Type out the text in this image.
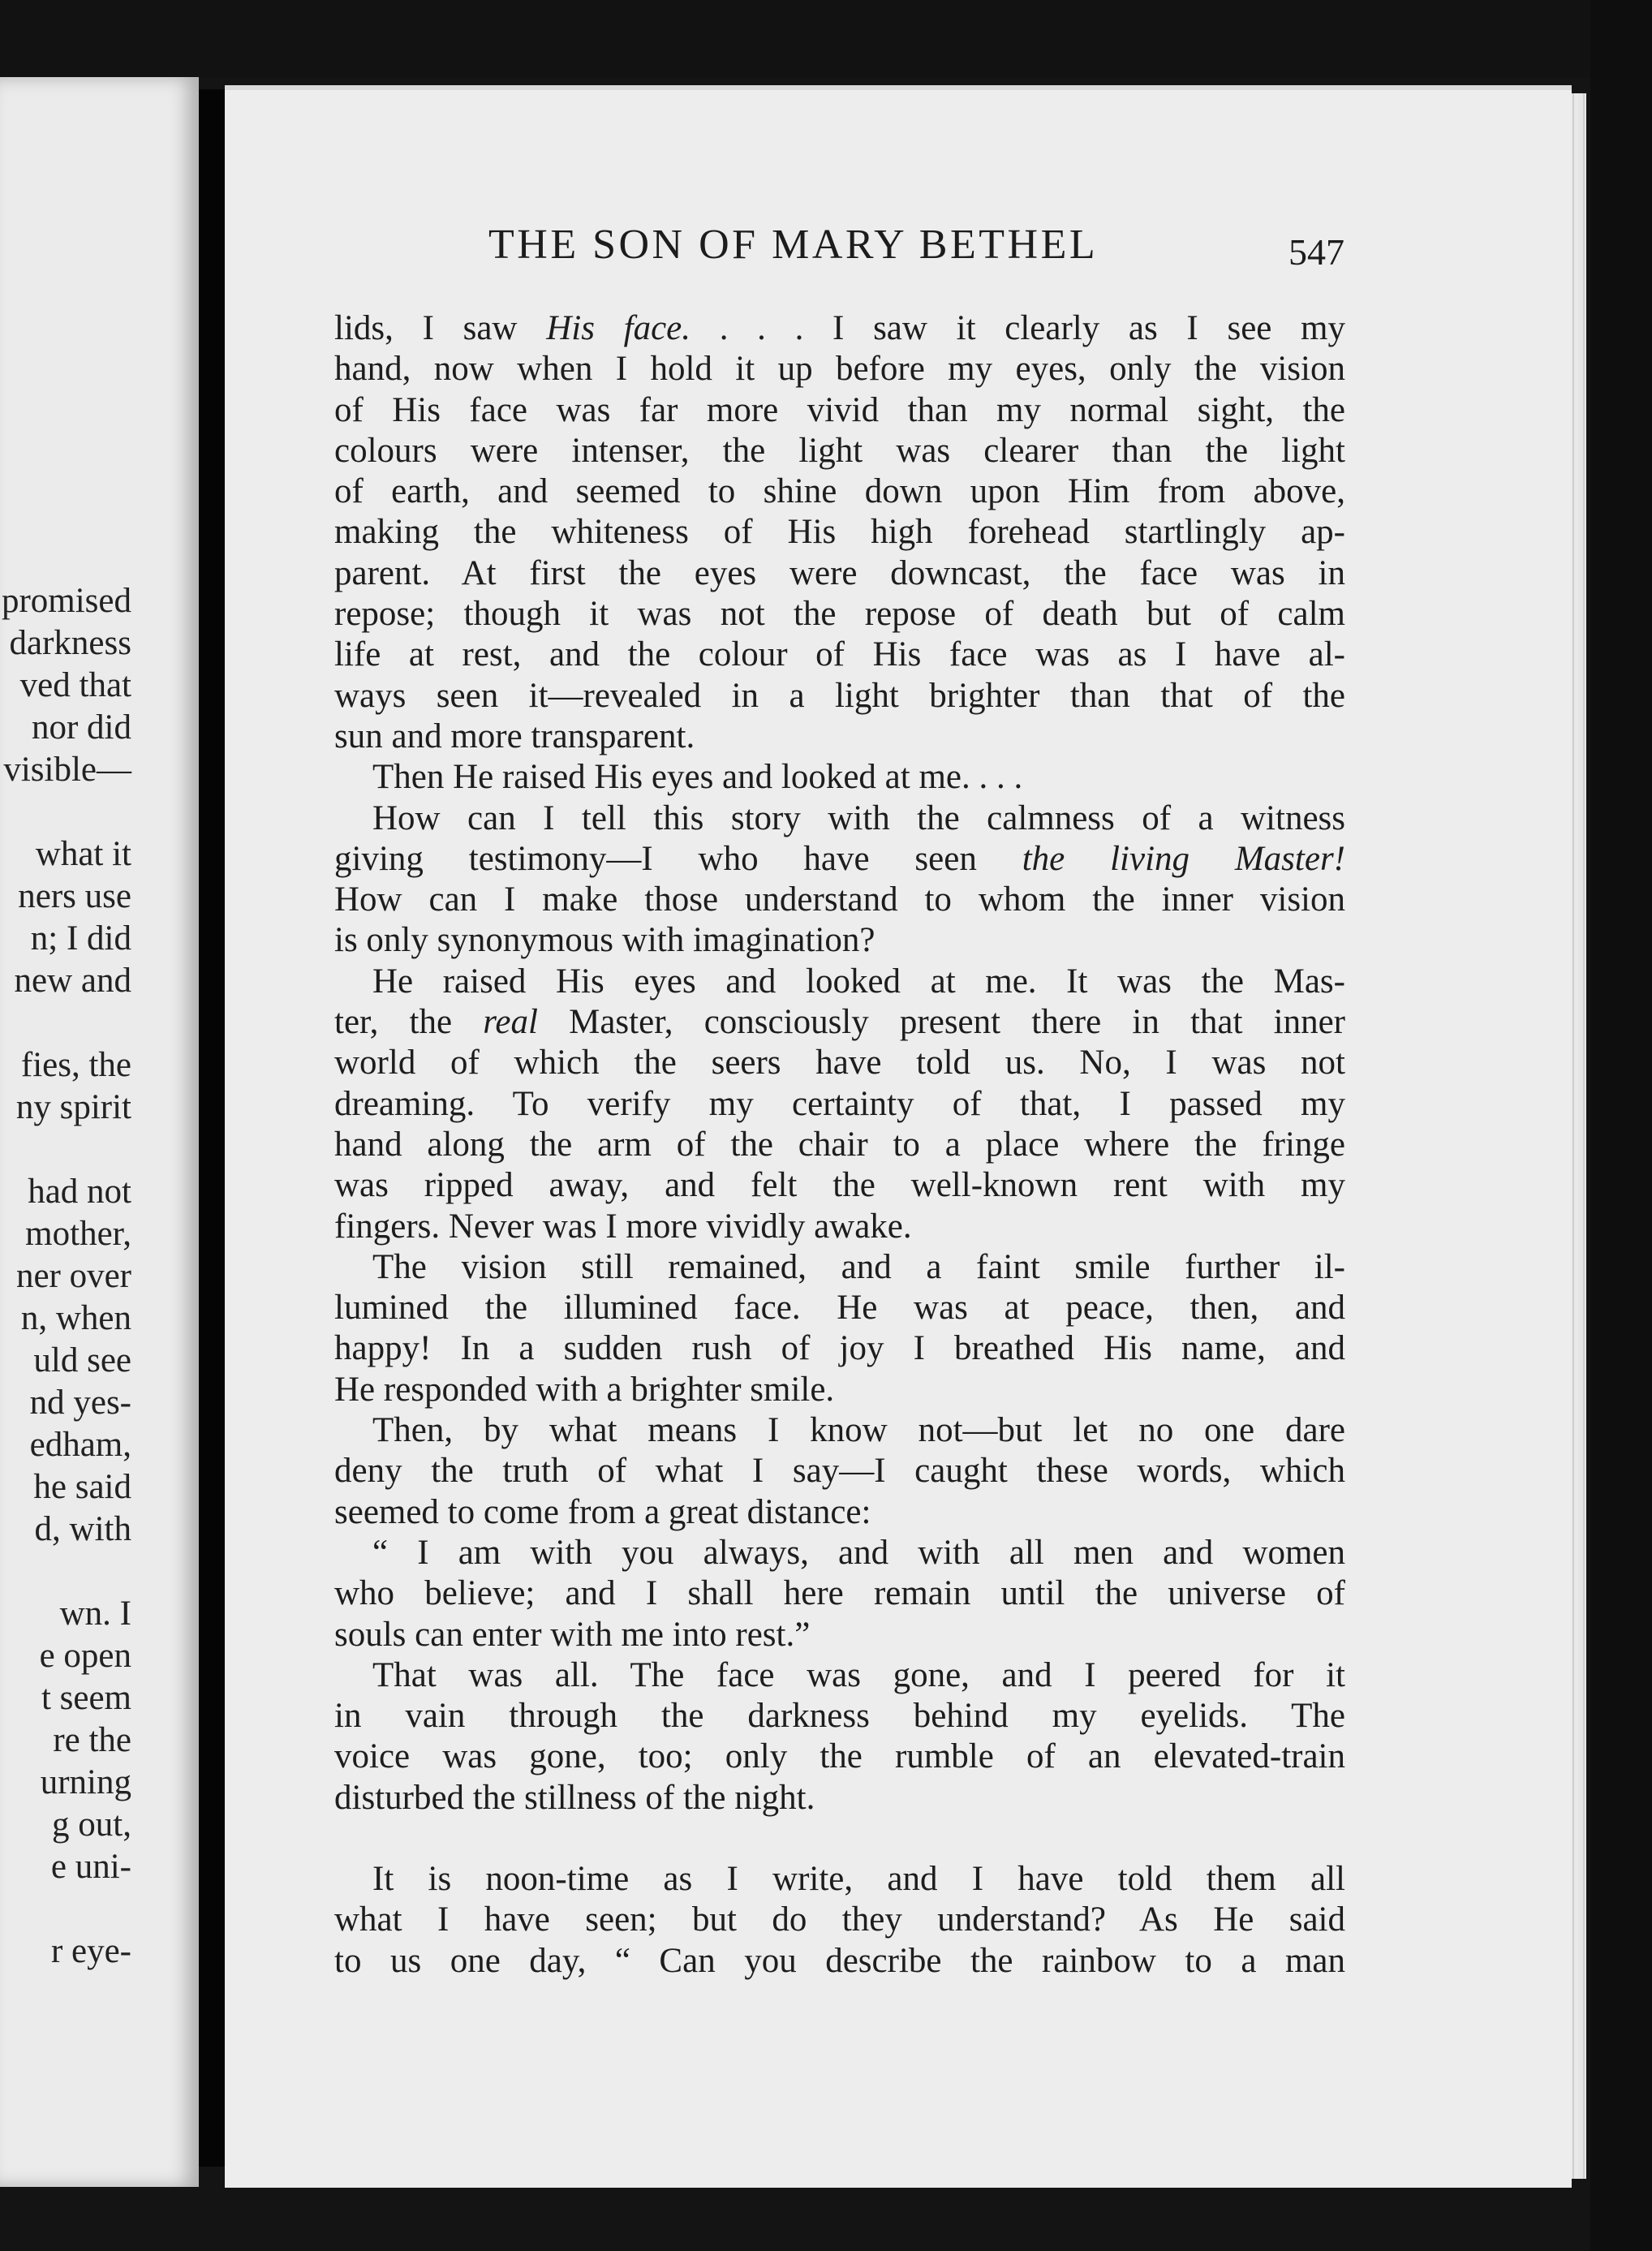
promised
darkness
ved that
nor did
visible—
what it
ners use
n; I did
new and
fies, the
ny spirit
had not
mother,
ner over
n, when
uld see
nd yes-
edham,
he said
d, with
wn. I
e open
t seem
re the
urning
g out,
e uni-
r eye-
THE SON OF MARY BETHEL	547
lids, I saw His face. . . . I saw it clearly as I see my
hand, now when I hold it up before my eyes, only the vision
of His face was far more vivid than my normal sight, the
colours were intenser, the light was clearer than the light
of earth, and seemed to shine down upon Him from above,
making the whiteness of His high forehead startlingly ap-
parent. At first the eyes were downcast, the face was in
repose; though it was not the repose of death but of calm
life at rest, and the colour of His face was as I have al-
ways seen it—revealed in a light brighter than that of the
sun and more transparent.
Then He raised His eyes and looked at me. . . .
How can I tell this story with the calmness of a witness
giving testimony—I who have seen the living Master!
How can I make those understand to whom the inner vision
is only synonymous with imagination?
He raised His eyes and looked at me. It was the Mas-
ter, the real Master, consciously present there in that inner
world of which the seers have told us. No, I was not
dreaming. To verify my certainty of that, I passed my
hand along the arm of the chair to a place where the fringe
was ripped away, and felt the well-known rent with my
fingers. Never was I more vividly awake.
The vision still remained, and a faint smile further il-
lumined the illumined face. He was at peace, then, and
happy! In a sudden rush of joy I breathed His name, and
He responded with a brighter smile.
Then, by what means I know not—but let no one dare
deny the truth of what I say—I caught these words, which
seemed to come from a great distance:
“ I am with you always, and with all men and women
who believe; and I shall here remain until the universe of
souls can enter with me into rest.”
That was all. The face was gone, and I peered for it
in vain through the darkness behind my eyelids. The
voice was gone, too; only the rumble of an elevated-train
disturbed the stillness of the night.
It is noon-time as I write, and I have told them all
what I have seen; but do they understand? As He said
to us one day, “ Can you describe the rainbow to a man
